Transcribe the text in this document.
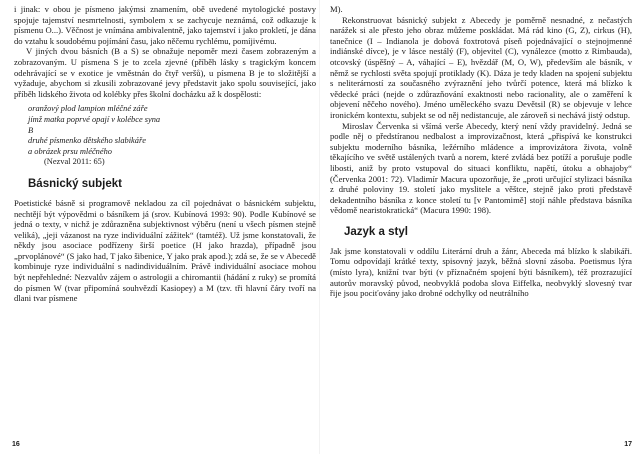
i jinak: v obou je písmeno jakýmsi znamením, obě uvedené mytologické postavy spojuje tajemství nesmrtelnosti, symbolem x se zachycuje neznámá, což odkazuje k písmenu O...). Věčnost je vnímána ambivalentně, jako tajemství i jako prokletí, je dána do vztahu k soudobému pojímání času, jako něčemu rychlému, pomíjivému.

V jiných dvou básních (B a S) se obnažuje nepoměr mezi časem zobrazeným a zobrazovaným. U písmena S je to zcela zjevné (příběh lásky s tragickým koncem odehrávající se v exotice je vměstnán do čtyř veršů), u písmena B je to složitější a vyžaduje, abychom si zkusili zobrazované jevy představit jako spolu související, jako příběh lidského života od kolébky přes školní docházku až k dospělosti:

oranžový plod lampion mléčné záře
jímž matka poprvé opají v kolébce syna
B
druhé písmenko dětského slabikáře
a obrázek prsu mléčného
(Nezval 2011: 65)
Básnický subjekt

Poetistické básně si programově nekladou za cíl pojednávat o básnickém subjektu, nechtějí být výpovědmi o básníkem já (srov. Kubínová 1993: 90). Podle Kubínové se jedná o texty, v nichž je zdůrazněna subjektivnost výběru (není u všech písmen stejně veliká), „jeji vázanost na ryze individuální zážitek“ (tamtéž). Už jsme konstatovali, že někdy jsou asociace podřízeny širší poetice (H jako hrazda), případně jsou „prvoplánové“ (S jako had, T jako šibenice, Y jako prak apod.); zdá se, že se v Abecedě kombinuje ryze individuální s nadindividuálním. Právě individuální asociace mohou být nepřehledné: Nezvalův zájem o astrologii a chiromantii (hádání z ruky) se promítá do písmen W (tvar připomíná souhvězdí Kasiopey) a M (tzv. tři hlavní čáry tvoří na dlani tvar písmene

16

M).

Rekonstruovat básnický subjekt z Abecedy je poměrně nesnadné, z nečastých narážek si ale přesto jeho obraz můžeme poskládat. Má rád kino (G, Z), cirkus (H), tanečnice (I – Indianola je dobová foxtrotová píseň pojednávající o stejnojmenné indiánské dívce), je v lásce nestálý (F), objevitel (C), vynálezce (motto z Rimbauda), otcovský (úspěšný – A, váhající – E), hvězdář (M, O, W), především ale básník, v němž se rychlosti světa spojují protiklady (K). Dáza je tedy kladen na spojení subjektu s neliterárností za současného zvýraznění jeho tvůrčí potence, která má blízko k vědecké práci (nejde o zdůrazňování exaktnosti nebo racionality, ale o zaměření k objevení něčeho nového). Jméno uměleckého svazu Devětsil (R) se objevuje v lehce ironickém kontextu, subjekt se od něj nedistancuje, ale zároveň si nechává jistý odstup.

Miroslav Červenka si všímá verše Abecedy, který není vždy pravidelný. Jedná se podle něj o předstíranou nedbalost a improvizačnost, která „přispívá ke konstrukci subjektu moderního básníka, ležérního mládence a improvizátora života, volně těkajícího ve světě ustálených tvarů a norem, které zvládá bez potíží a porušuje podle libosti, aniž by proto vstupoval do situaci konfliktu, napětí, útoku a obhajoby“ (Červenka 2001: 72). Vladimír Macura upozorňuje, že „proti určující stylizaci básníka z druhé poloviny 19. století jako myslitele a věštce, stejně jako proti představě dekadentního básníka z konce století tu [v Pantomimě] stojí náhle představa básníka vědomě nearistokratická“ (Macura 1990: 198).

Jazyk a styl

Jak jsme konstatovali v oddílu Literární druh a žánr, Abeceda má blízko k slabikáři. Tomu odpovídají krátké texty, spisovný jazyk, běžná slovní zásoba. Poetismus lýra (místo lyra), knižní tvar býti (v příznačném spojení býti básníkem), též prozrazující autorův moravský původ, neobvyklá podoba slova Eiffelka, neobvyklý slovesný tvar řije jsou pociťovány jako drobné odchylky od neutrálního

17
